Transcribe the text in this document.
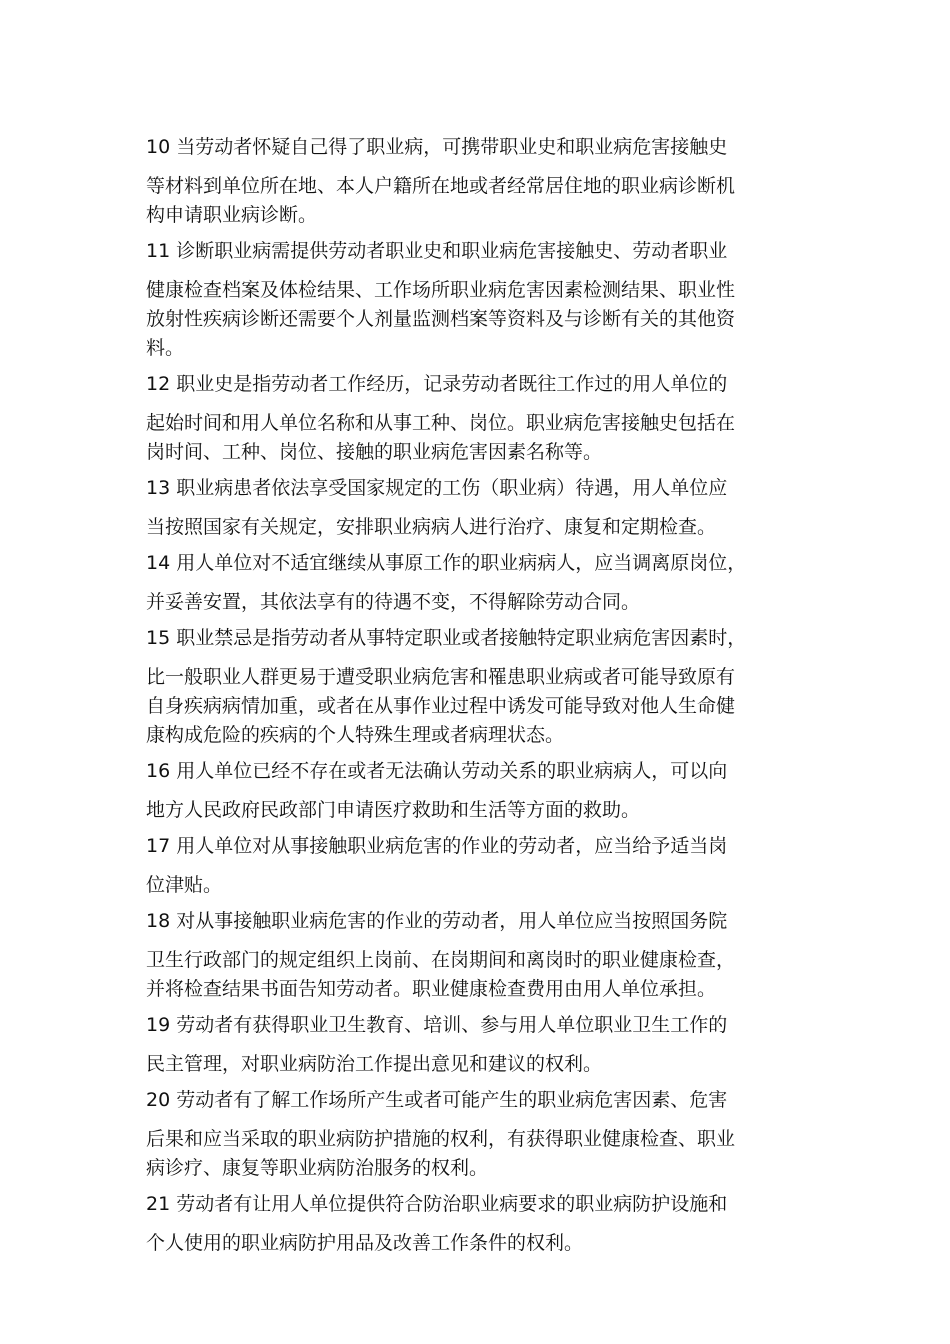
10 当劳动者怀疑自己得了职业病，可携带职业史和职业病危害接触史
等材料到单位所在地、本人户籍所在地或者经常居住地的职业病诊断机
构申请职业病诊断。
11 诊断职业病需提供劳动者职业史和职业病危害接触史、劳动者职业
健康检查档案及体检结果、工作场所职业病危害因素检测结果、职业性
放射性疾病诊断还需要个人剂量监测档案等资料及与诊断有关的其他资
料。
12 职业史是指劳动者工作经历，记录劳动者既往工作过的用人单位的
起始时间和用人单位名称和从事工种、岗位。职业病危害接触史包括在
岗时间、工种、岗位、接触的职业病危害因素名称等。
13 职业病患者依法享受国家规定的工伤（职业病）待遇，用人单位应
当按照国家有关规定，安排职业病病人进行治疗、康复和定期检查。
14 用人单位对不适宜继续从事原工作的职业病病人，应当调离原岗位，
并妥善安置，其依法享有的待遇不变，不得解除劳动合同。
15 职业禁忌是指劳动者从事特定职业或者接触特定职业病危害因素时，
比一般职业人群更易于遭受职业病危害和罹患职业病或者可能导致原有
自身疾病病情加重，或者在从事作业过程中诱发可能导致对他人生命健
康构成危险的疾病的个人特殊生理或者病理状态。
16 用人单位已经不存在或者无法确认劳动关系的职业病病人，可以向
地方人民政府民政部门申请医疗救助和生活等方面的救助。
17 用人单位对从事接触职业病危害的作业的劳动者，应当给予适当岗
位津贴。
18 对从事接触职业病危害的作业的劳动者，用人单位应当按照国务院
卫生行政部门的规定组织上岗前、在岗期间和离岗时的职业健康检查，
并将检查结果书面告知劳动者。职业健康检查费用由用人单位承担。
19 劳动者有获得职业卫生教育、培训、参与用人单位职业卫生工作的
民主管理，对职业病防治工作提出意见和建议的权利。
20 劳动者有了解工作场所产生或者可能产生的职业病危害因素、危害
后果和应当采取的职业病防护措施的权利，有获得职业健康检查、职业
病诊疗、康复等职业病防治服务的权利。
21 劳动者有让用人单位提供符合防治职业病要求的职业病防护设施和
个人使用的职业病防护用品及改善工作条件的权利。
